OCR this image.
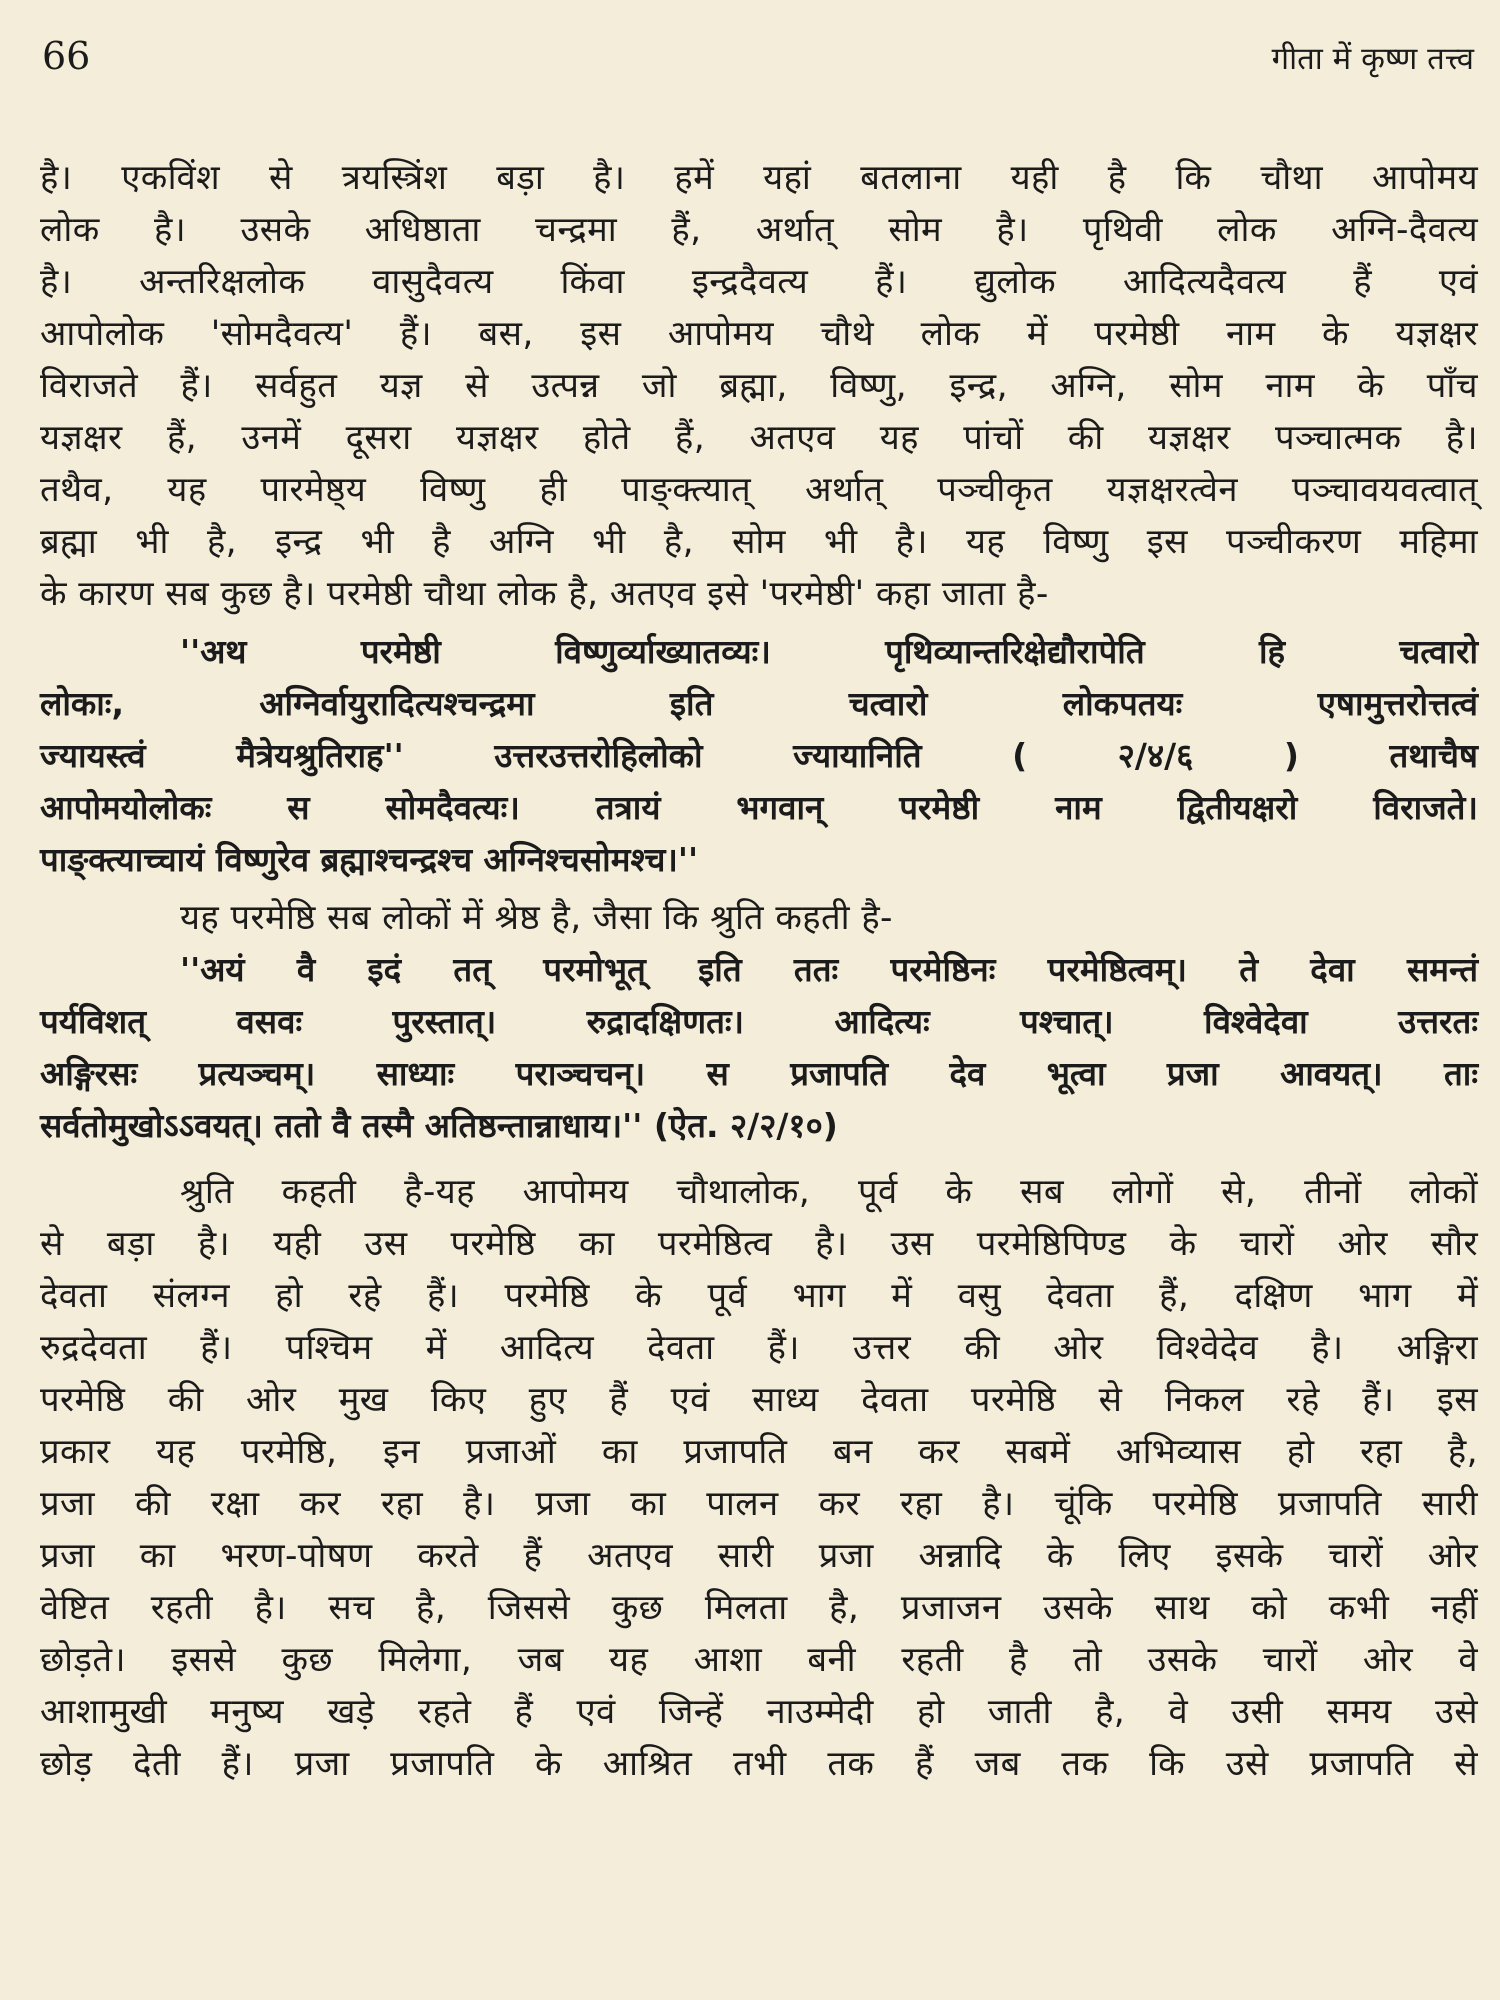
66	गीता में कृष्ण तत्त्व
है। एकविंश से त्रयस्त्रिंश बड़ा है। हमें यहां बतलाना यही है कि चौथा आपोमय
लोक है। उसके अधिष्ठाता चन्द्रमा हैं, अर्थात् सोम है। पृथिवी लोक अग्नि-दैवत्य
है। अन्तरिक्षलोक वासुदैवत्य किंवा इन्द्रदैवत्य हैं। द्युलोक आदित्यदैवत्य हैं एवं
आपोलोक 'सोमदैवत्य' हैं। बस, इस आपोमय चौथे लोक में परमेष्ठी नाम के यज्ञक्षर
विराजते हैं। सर्वहुत यज्ञ से उत्पन्न जो ब्रह्मा, विष्णु, इन्द्र, अग्नि, सोम नाम के पाँच
यज्ञक्षर हैं, उनमें दूसरा यज्ञक्षर होते हैं, अतएव यह पांचों की यज्ञक्षर पञ्चात्मक है।
तथैव, यह पारमेष्ठ्य विष्णु ही पाङ्क्त्यात् अर्थात् पञ्चीकृत यज्ञक्षरत्वेन पञ्चावयवत्वात्
ब्रह्मा भी है, इन्द्र भी है अग्नि भी है, सोम भी है। यह विष्णु इस पञ्चीकरण महिमा
के कारण सब कुछ है। परमेष्ठी चौथा लोक है, अतएव इसे 'परमेष्ठी' कहा जाता है-
''अथ परमेष्ठी विष्णुर्व्याख्यातव्यः। पृथिव्यान्तरिक्षेद्यौरापेति हि चत्वारो
लोकाः, अग्निर्वायुरादित्यश्चन्द्रमा इति चत्वारो लोकपतयः एषामुत्तरोत्तत्वं
ज्यायस्त्वं मैत्रेयश्रुतिराह'' उत्तरउत्तरोहिलोको ज्यायानिति ( २/४/६ ) तथाचैष
आपोमयोलोकः स सोमदैवत्यः। तत्रायं भगवान् परमेष्ठी नाम द्वितीयक्षरो विराजते।
पाङ्क्त्याच्चायं विष्णुरेव ब्रह्माश्चन्द्रश्च अग्निश्चसोमश्च।''
यह परमेष्ठि सब लोकों में श्रेष्ठ है, जैसा कि श्रुति कहती है-
''अयं वै इदं तत् परमोभूत् इति ततः परमेष्ठिनः परमेष्ठित्वम्। ते देवा समन्तं
पर्यविशत् वसवः पुरस्तात्। रुद्रादक्षिणतः। आदित्यः पश्चात्। विश्वेदेवा उत्तरतः
अङ्गिरसः प्रत्यञ्चम्। साध्याः पराञ्चचन्। स प्रजापति देव भूत्वा प्रजा आवयत्। ताः
सर्वतोमुखोऽऽवयत्। ततो वै तस्मै अतिष्ठन्तान्नाधाय।'' (ऐत. २/२/१०)
श्रुति कहती है-यह आपोमय चौथालोक, पूर्व के सब लोगों से, तीनों लोकों
से बड़ा है। यही उस परमेष्ठि का परमेष्ठित्व है। उस परमेष्ठिपिण्ड के चारों ओर सौर
देवता संलग्न हो रहे हैं। परमेष्ठि के पूर्व भाग में वसु देवता हैं, दक्षिण भाग में
रुद्रदेवता हैं। पश्चिम में आदित्य देवता हैं। उत्तर की ओर विश्वेदेव है। अङ्गिरा
परमेष्ठि की ओर मुख किए हुए हैं एवं साध्य देवता परमेष्ठि से निकल रहे हैं। इस
प्रकार यह परमेष्ठि, इन प्रजाओं का प्रजापति बन कर सबमें अभिव्यास हो रहा है,
प्रजा की रक्षा कर रहा है। प्रजा का पालन कर रहा है। चूंकि परमेष्ठि प्रजापति सारी
प्रजा का भरण-पोषण करते हैं अतएव सारी प्रजा अन्नादि के लिए इसके चारों ओर
वेष्टित रहती है। सच है, जिससे कुछ मिलता है, प्रजाजन उसके साथ को कभी नहीं
छोड़ते। इससे कुछ मिलेगा, जब यह आशा बनी रहती है तो उसके चारों ओर वे
आशामुखी मनुष्य खड़े रहते हैं एवं जिन्हें नाउम्मेदी हो जाती है, वे उसी समय उसे
छोड़ देती हैं। प्रजा प्रजापति के आश्रित तभी तक हैं जब तक कि उसे प्रजापति से
